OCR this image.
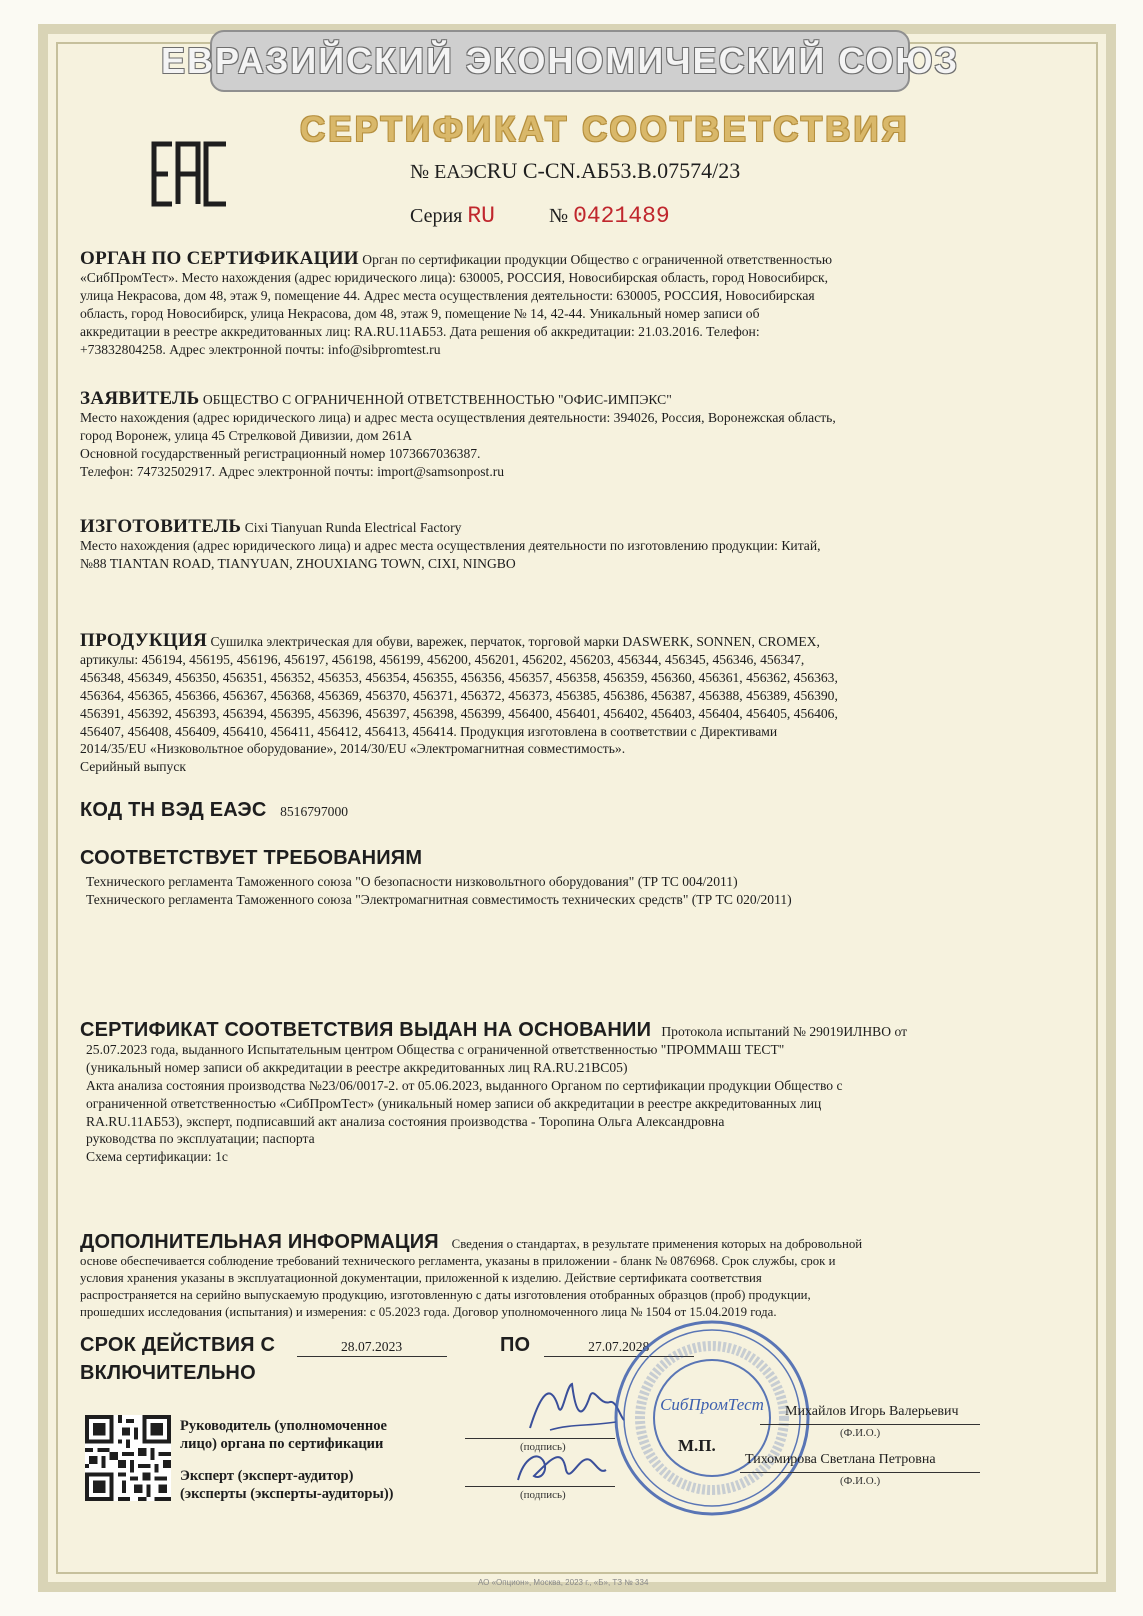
ЕВРАЗИЙСКИЙ ЭКОНОМИЧЕСКИЙ СОЮЗ
СЕРТИФИКАТ СООТВЕТСТВИЯ
№ ЕАЭСRU C-CN.АБ53.В.07574/23
Серия RU	№ 0421489
ОРГАН ПО СЕРТИФИКАЦИИ Орган по сертификации продукции Общество с ограниченной ответственностью
«СибПромТест». Место нахождения (адрес юридического лица): 630005, РОССИЯ, Новосибирская область, город Новосибирск,
улица Некрасова, дом 48, этаж 9, помещение 44. Адрес места осуществления деятельности: 630005, РОССИЯ, Новосибирская
область, город Новосибирск, улица Некрасова, дом 48, этаж 9, помещение № 14, 42-44. Уникальный номер записи об
аккредитации в реестре аккредитованных лиц: RA.RU.11АБ53. Дата решения об аккредитации: 21.03.2016. Телефон:
+73832804258. Адрес электронной почты: info@sibpromtest.ru
ЗАЯВИТЕЛЬ ОБЩЕСТВО С ОГРАНИЧЕННОЙ ОТВЕТСТВЕННОСТЬЮ "ОФИС-ИМПЭКС"
Место нахождения (адрес юридического лица) и адрес места осуществления деятельности: 394026, Россия, Воронежская область,
город Воронеж, улица 45 Стрелковой Дивизии, дом 261А
Основной государственный регистрационный номер 1073667036387.
Телефон: 74732502917. Адрес электронной почты: import@samsonpost.ru
ИЗГОТОВИТЕЛЬ Cixi Tianyuan Runda Electrical Factory
Место нахождения (адрес юридического лица) и адрес места осуществления деятельности по изготовлению продукции: Китай,
№88 TIANTAN ROAD, TIANYUAN, ZHOUXIANG TOWN, CIXI, NINGBO
ПРОДУКЦИЯ Сушилка электрическая для обуви, варежек, перчаток, торговой марки DASWERK, SONNEN, CROMEX,
артикулы: 456194, 456195, 456196, 456197, 456198, 456199, 456200, 456201, 456202, 456203, 456344, 456345, 456346, 456347,
456348, 456349, 456350, 456351, 456352, 456353, 456354, 456355, 456356, 456357, 456358, 456359, 456360, 456361, 456362, 456363,
456364, 456365, 456366, 456367, 456368, 456369, 456370, 456371, 456372, 456373, 456385, 456386, 456387, 456388, 456389, 456390,
456391, 456392, 456393, 456394, 456395, 456396, 456397, 456398, 456399, 456400, 456401, 456402, 456403, 456404, 456405, 456406,
456407, 456408, 456409, 456410, 456411, 456412, 456413, 456414. Продукция изготовлена в соответствии с Директивами
2014/35/EU «Низковольтное оборудование», 2014/30/EU «Электромагнитная совместимость».
Серийный выпуск
КОД ТН ВЭД ЕАЭС 8516797000
СООТВЕТСТВУЕТ ТРЕБОВАНИЯМ
Технического регламента Таможенного союза "О безопасности низковольтного оборудования" (ТР ТС 004/2011)
Технического регламента Таможенного союза "Электромагнитная совместимость технических средств" (ТР ТС 020/2011)
СЕРТИФИКАТ СООТВЕТСТВИЯ ВЫДАН НА ОСНОВАНИИ Протокола испытаний № 29019ИЛНВО от
25.07.2023 года, выданного Испытательным центром Общества с ограниченной ответственностью "ПРОММАШ ТЕСТ"
(уникальный номер записи об аккредитации в реестре аккредитованных лиц RA.RU.21ВС05)
Акта анализа состояния производства №23/06/0017-2. от 05.06.2023, выданного Органом по сертификации продукции Общество с
ограниченной ответственностью «СибПромТест» (уникальный номер записи об аккредитации в реестре аккредитованных лиц
RA.RU.11АБ53), эксперт, подписавший акт анализа состояния производства - Торопина Ольга Александровна
руководства по эксплуатации; паспорта
Схема сертификации: 1с
ДОПОЛНИТЕЛЬНАЯ ИНФОРМАЦИЯ Сведения о стандартах, в результате применения которых на добровольной
основе обеспечивается соблюдение требований технического регламента, указаны в приложении - бланк № 0876968. Срок службы, срок и
условия хранения указаны в эксплуатационной документации, приложенной к изделию. Действие сертификата соответствия
распространяется на серийно выпускаемую продукцию, изготовленную с даты изготовления отобранных образцов (проб) продукции,
прошедших исследования (испытания) и измерения: с 05.2023 года. Договор уполномоченного лица № 1504 от 15.04.2019 года.
СРОК ДЕЙСТВИЯ С	28.07.2023	ПО	27.07.2028
ВКЛЮЧИТЕЛЬНО
Руководитель (уполномоченное
лицо) органа по сертификации
Эксперт (эксперт-аудитор)
(эксперты (эксперты-аудиторы))
(подпись)
(подпись)
СибПромТест
М.П.
Михайлов Игорь Валерьевич
(Ф.И.О.)
Тихомирова Светлана Петровна
(Ф.И.О.)
АО «Опцион», Москва, 2023 г., «Б», ТЗ № 334
